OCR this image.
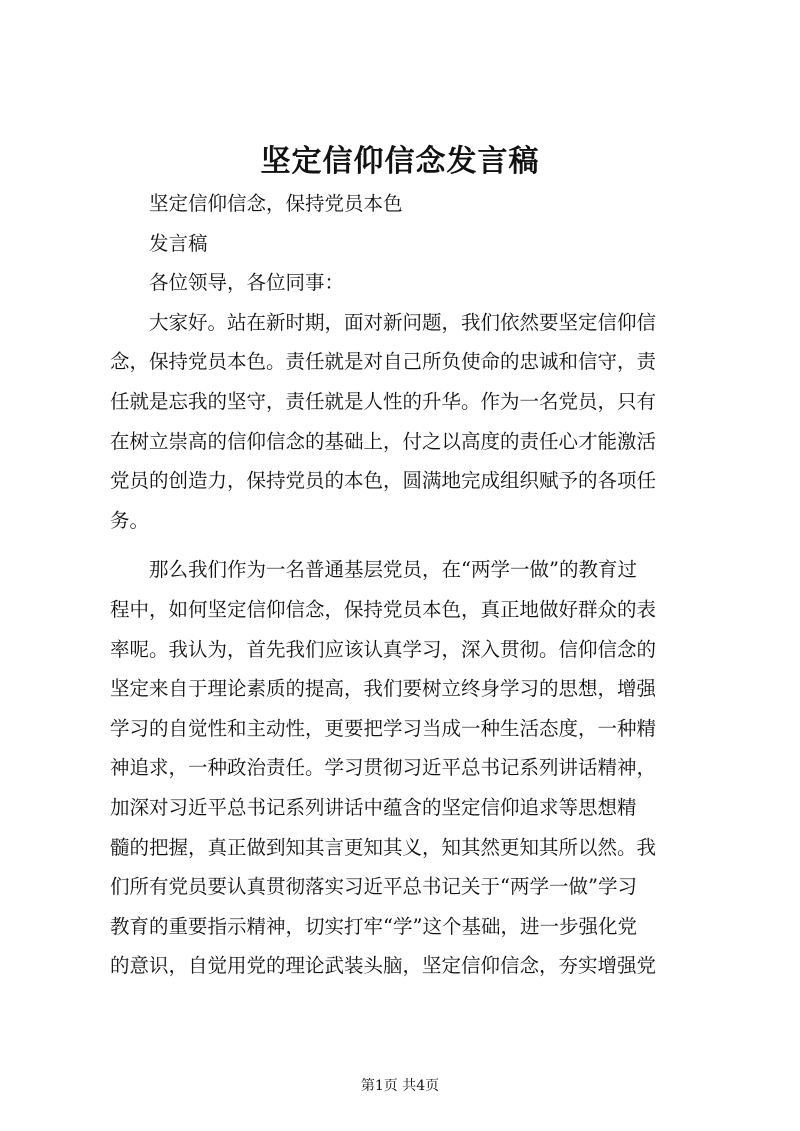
坚定信仰信念发言稿
　　坚定信仰信念，保持党员本色
　　发言稿
　　各位领导，各位同事：
　　大家好。站在新时期，面对新问题，我们依然要坚定信仰信
念，保持党员本色。责任就是对自己所负使命的忠诚和信守，责
任就是忘我的坚守，责任就是人性的升华。作为一名党员，只有
在树立崇高的信仰信念的基础上，付之以高度的责任心才能激活
党员的创造力，保持党员的本色，圆满地完成组织赋予的各项任
务。
　　那么我们作为一名普通基层党员，在“两学一做”的教育过
程中，如何坚定信仰信念，保持党员本色，真正地做好群众的表
率呢。我认为，首先我们应该认真学习，深入贯彻。信仰信念的
坚定来自于理论素质的提高，我们要树立终身学习的思想，增强
学习的自觉性和主动性，更要把学习当成一种生活态度，一种精
神追求，一种政治责任。学习贯彻习近平总书记系列讲话精神，
加深对习近平总书记系列讲话中蕴含的坚定信仰追求等思想精
髓的把握，真正做到知其言更知其义，知其然更知其所以然。我
们所有党员要认真贯彻落实习近平总书记关于“两学一做”学习
教育的重要指示精神，切实打牢“学”这个基础，进一步强化党
的意识，自觉用党的理论武装头脑，坚定信仰信念，夯实增强党
第1页 共4页
